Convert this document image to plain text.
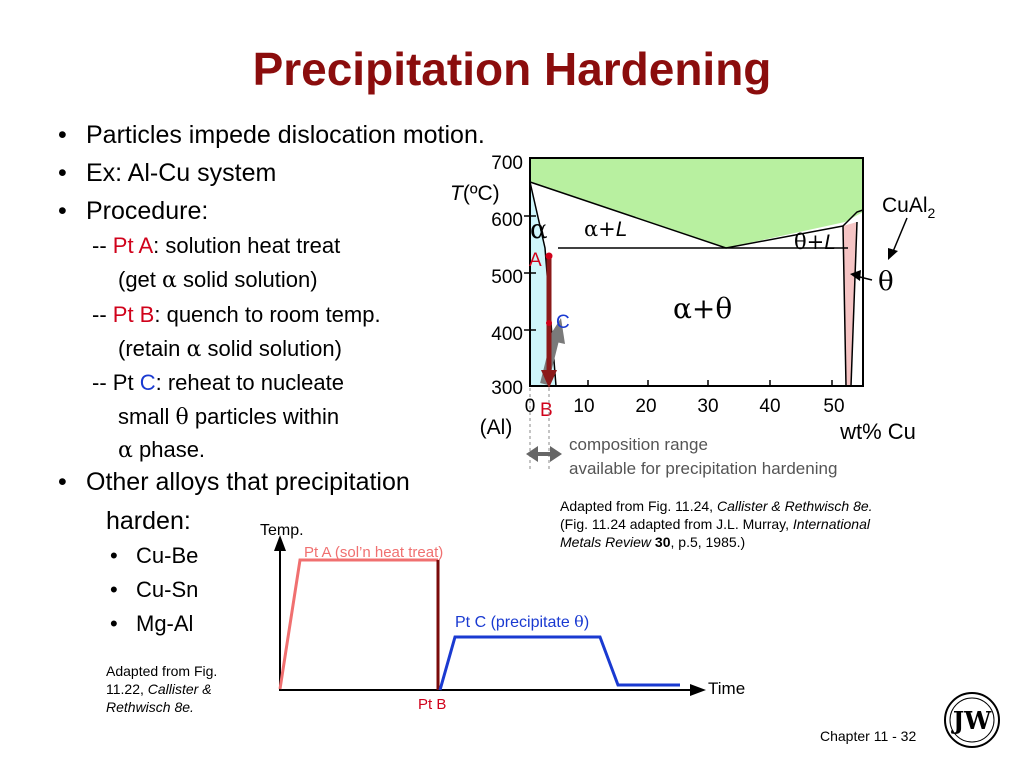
Precipitation Hardening
• Particles impede dislocation motion.
• Ex: Al-Cu system
• Procedure:
-- Pt A: solution heat treat
(get α solid solution)
-- Pt B: quench to room temp.
(retain α solid solution)
-- Pt C: reheat to nucleate
small θ particles within
α phase.
• Other alloys that precipitation
harden:
• Cu-Be
• Cu-Sn
• Mg-Al
700
600
500
400
300
T(ºC)
0 10 20 30 40 50
(Al)	wt% Cu
α α+L
θ+L
α+θ
θ
CuAl$_2$
A
B
C
composition range
available for precipitation hardening
Adapted from Fig. 11.24, Callister & Rethwisch 8e.
(Fig. 11.24 adapted from J.L. Murray, International
Metals Review 30, p.5, 1985.)
Temp.
Time
Pt A (sol’n heat treat)
Pt B
Pt C (precipitate θ)
Adapted from Fig.
11.22, Callister &
Rethwisch 8e.
Chapter 11 - 32
JW
